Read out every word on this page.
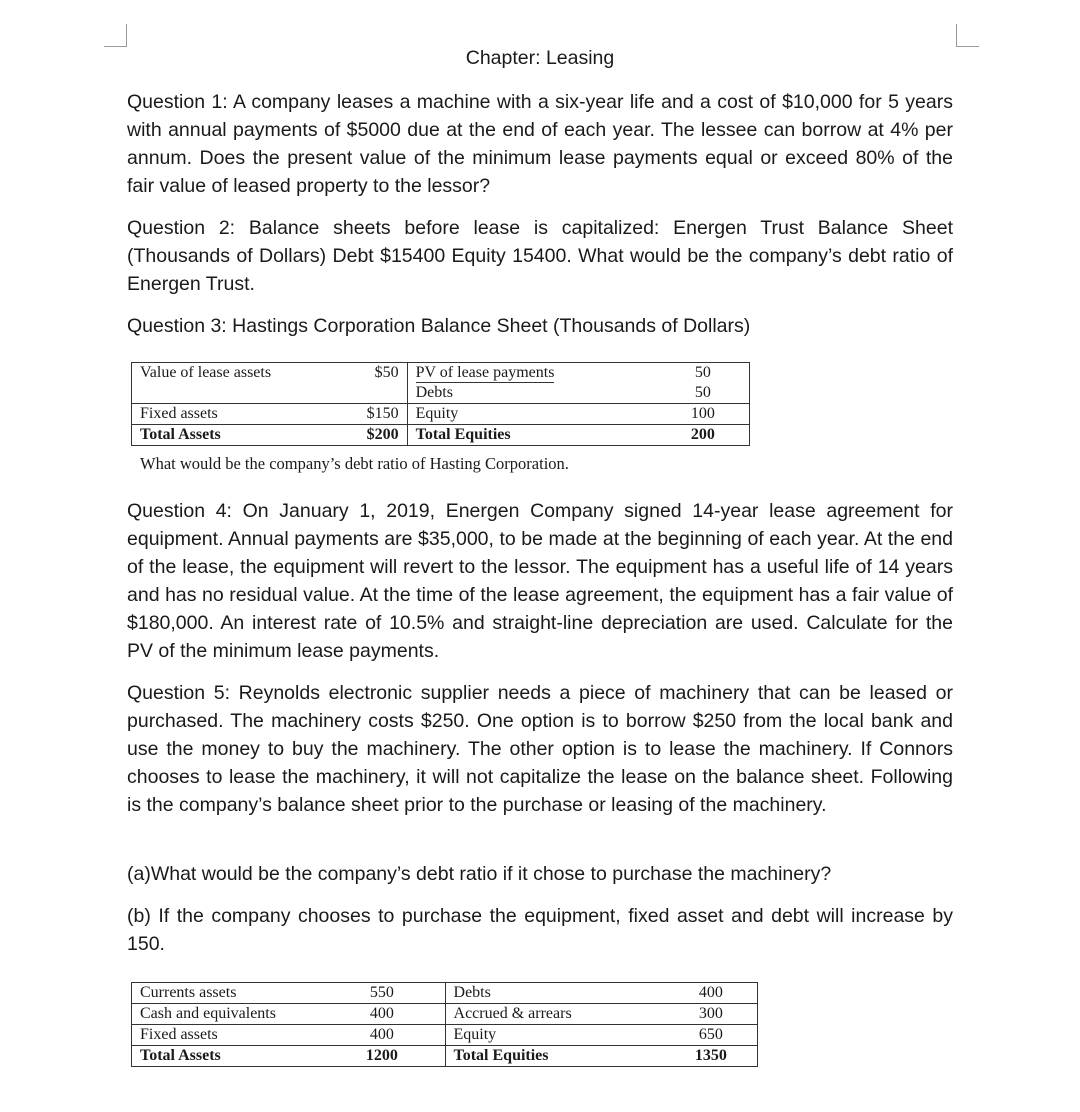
Chapter: Leasing

Question 1: A company leases a machine with a six-year life and a cost of $10,000 for 5 years with annual payments of $5000 due at the end of each year. The lessee can borrow at 4% per annum. Does the present value of the minimum lease payments equal or exceed 80% of the fair value of leased property to the lessor?

Question 2: Balance sheets before lease is capitalized: Energen Trust Balance Sheet (Thousands of Dollars) Debt $15400 Equity 15400. What would be the company’s debt ratio of Energen Trust.

Question 3: Hastings Corporation Balance Sheet (Thousands of Dollars)

Value of lease assets	$50	PV of lease payments	50
		Debts	50
Fixed assets	$150	Equity	100
Total Assets	$200	Total Equities	200
What would be the company’s debt ratio of Hasting Corporation.

Question 4: On January 1, 2019, Energen Company signed 14-year lease agreement for equipment. Annual payments are $35,000, to be made at the beginning of each year. At the end of the lease, the equipment will revert to the lessor. The equipment has a useful life of 14 years and has no residual value. At the time of the lease agreement, the equipment has a fair value of $180,000. An interest rate of 10.5% and straight-line depreciation are used. Calculate for the PV of the minimum lease payments.

Question 5: Reynolds electronic supplier needs a piece of machinery that can be leased or purchased. The machinery costs $250. One option is to borrow $250 from the local bank and use the money to buy the machinery. The other option is to lease the machinery. If Connors chooses to lease the machinery, it will not capitalize the lease on the balance sheet. Following is the company’s balance sheet prior to the purchase or leasing of the machinery.

(a)What would be the company’s debt ratio if it chose to purchase the machinery?

(b) If the company chooses to purchase the equipment, fixed asset and debt will increase by 150.

Currents assets	550	Debts	400
Cash and equivalents	400	Accrued & arrears	300
Fixed assets	400	Equity	650
Total Assets	1200	Total Equities	1350
